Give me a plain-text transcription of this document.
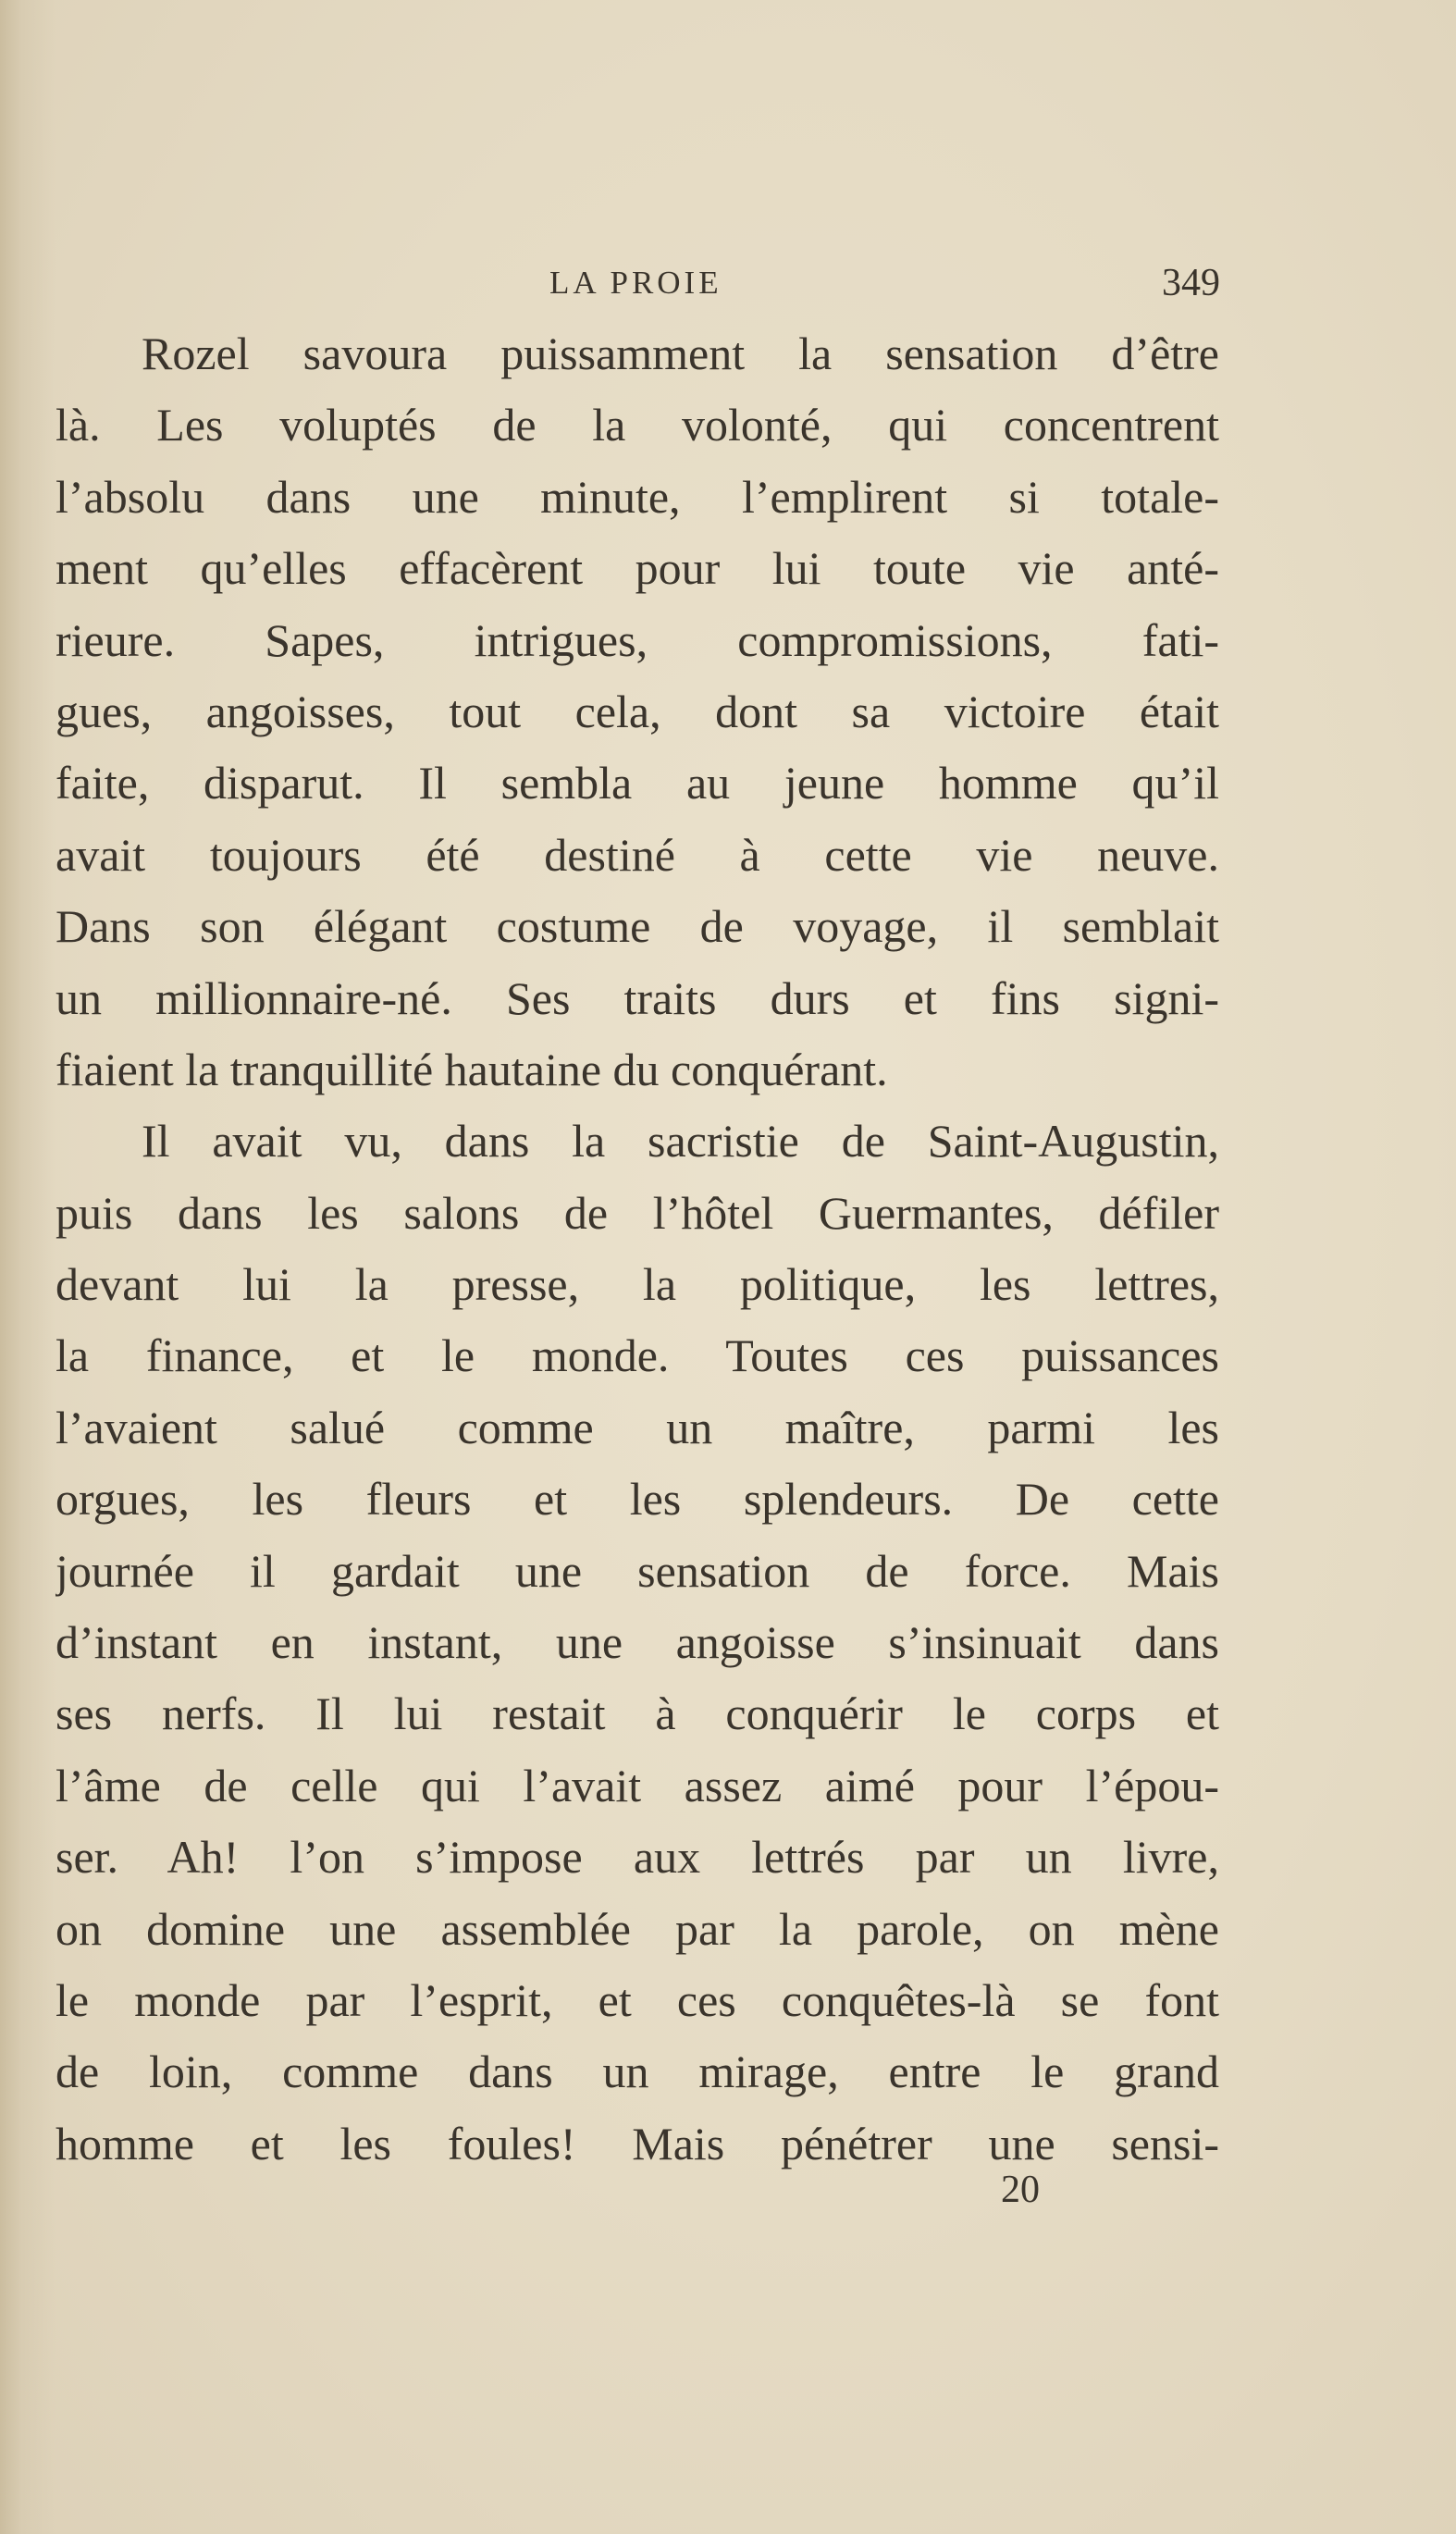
LA PROIE	349
Rozel savoura puissamment la sensation d’être
là. Les voluptés de la volonté, qui concentrent
l’absolu dans une minute, l’emplirent si totale-
ment qu’elles effacèrent pour lui toute vie anté-
rieure. Sapes, intrigues, compromissions, fati-
gues, angoisses, tout cela, dont sa victoire était
faite, disparut. Il sembla au jeune homme qu’il
avait toujours été destiné à cette vie neuve.
Dans son élégant costume de voyage, il semblait
un millionnaire-né. Ses traits durs et fins signi-
fiaient la tranquillité hautaine du conquérant.
Il avait vu, dans la sacristie de Saint-Augustin,
puis dans les salons de l’hôtel Guermantes, défiler
devant lui la presse, la politique, les lettres,
la finance, et le monde. Toutes ces puissances
l’avaient salué comme un maître, parmi les
orgues, les fleurs et les splendeurs. De cette
journée il gardait une sensation de force. Mais
d’instant en instant, une angoisse s’insinuait dans
ses nerfs. Il lui restait à conquérir le corps et
l’âme de celle qui l’avait assez aimé pour l’épou-
ser. Ah! l’on s’impose aux lettrés par un livre,
on domine une assemblée par la parole, on mène
le monde par l’esprit, et ces conquêtes-là se font
de loin, comme dans un mirage, entre le grand
homme et les foules! Mais pénétrer une sensi-
20
